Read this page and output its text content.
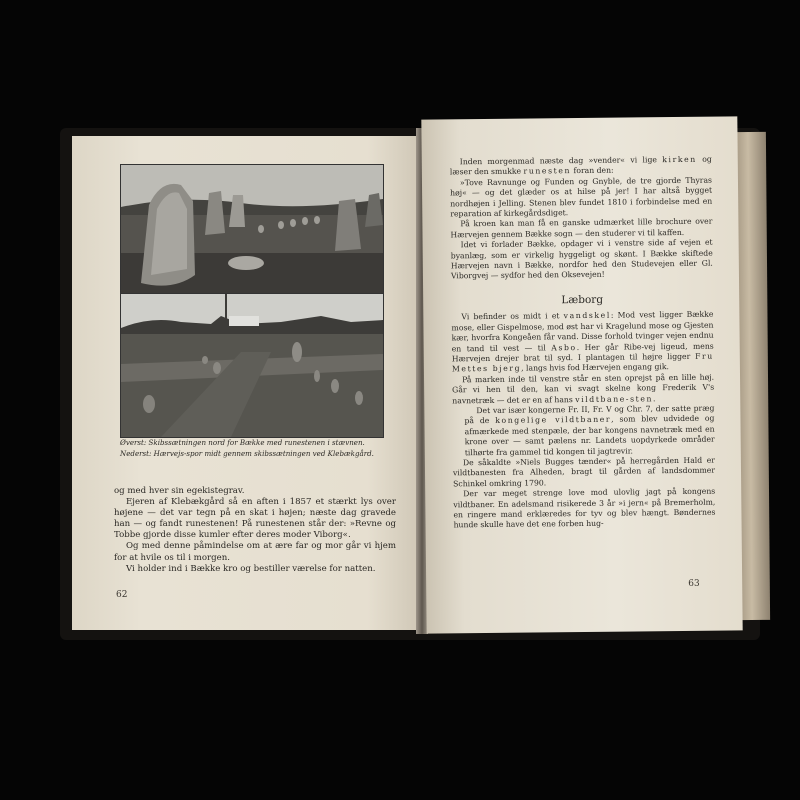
Øverst: Skibssætningen nord for Bække med runestenen i stævnen.

Nederst: Hærvejs-spor midt gennem skibssætningen ved Klebækgård.

og med hver sin egekistegrav.

Ejeren af Klebækgård så en aften i 1857 et stærkt lys over højene — det var tegn på en skat i højen; næste dag gravede han — og fandt runestenen! På runestenen står der: »Revne og Tobbe gjorde disse kumler efter deres moder Viborg«.

Og med denne påmindelse om at ære far og mor går vi hjem for at hvile os til i morgen.

Vi holder ind i Bække kro og bestiller værelse for natten.

62

Inden morgenmad næste dag »vender« vi lige kirken og læser den smukke runesten foran den:

»Tove Ravnunge og Funden og Gnyble, de tre gjorde Thyras høj« — og det glæder os at hilse på jer! I har altså bygget nordhøjen i Jelling. Stenen blev fundet 1810 i forbindelse med en reparation af kirkegårdsdiget.

På kroen kan man få en ganske udmærket lille brochure over Hærvejen gennem Bække sogn — den studerer vi til kaffen.

Idet vi forlader Bække, opdager vi i venstre side af vejen et byanlæg, som er virkelig hyggeligt og skønt. I Bække skiftede Hærvejen navn i Bække, nordfor hed den Studevejen eller Gl. Viborgvej — sydfor hed den Oksevejen!

Læborg

Vi befinder os midt i et vandskel: Mod vest ligger Bække mose, eller Gispelmose, mod øst har vi Kragelund mose og Gjesten kær, hvorfra Kongeåen får vand. Disse forhold tvinger vejen endnu en tand til vest — til Asbo. Her går Ribe-vej ligeud, mens Hærvejen drejer brat til syd. I plantagen til højre ligger Fru Mettes bjerg, langs hvis fod Hærvejen engang gik.

På marken inde til venstre står en sten oprejst på en lille høj. Går vi hen til den, kan vi svagt skelne kong Frederik V's navnetræk — det er en af hans vildtbane-sten.

Det var især kongerne Fr. II, Fr. V og Chr. 7, der satte præg på de kongelige vildtbaner, som blev udvidede og afmærkede med stenpæle, der bar kongens navnetræk med en krone over — samt pælens nr. Landets uopdyrkede områder tilhørte fra gammel tid kongen til jagtrevir.

De såkaldte »Niels Bugges tænder« på herregården Hald er vildtbanesten fra Alheden, bragt til gården af landsdommer Schinkel omkring 1790.

Der var meget strenge love mod ulovlig jagt på kongens vildtbaner. En adelsmand risikerede 3 år »i jern« på Bremerholm, en ringere mand erklæredes for tyv og blev hængt. Bøndernes hunde skulle have det ene forben hug-

63
